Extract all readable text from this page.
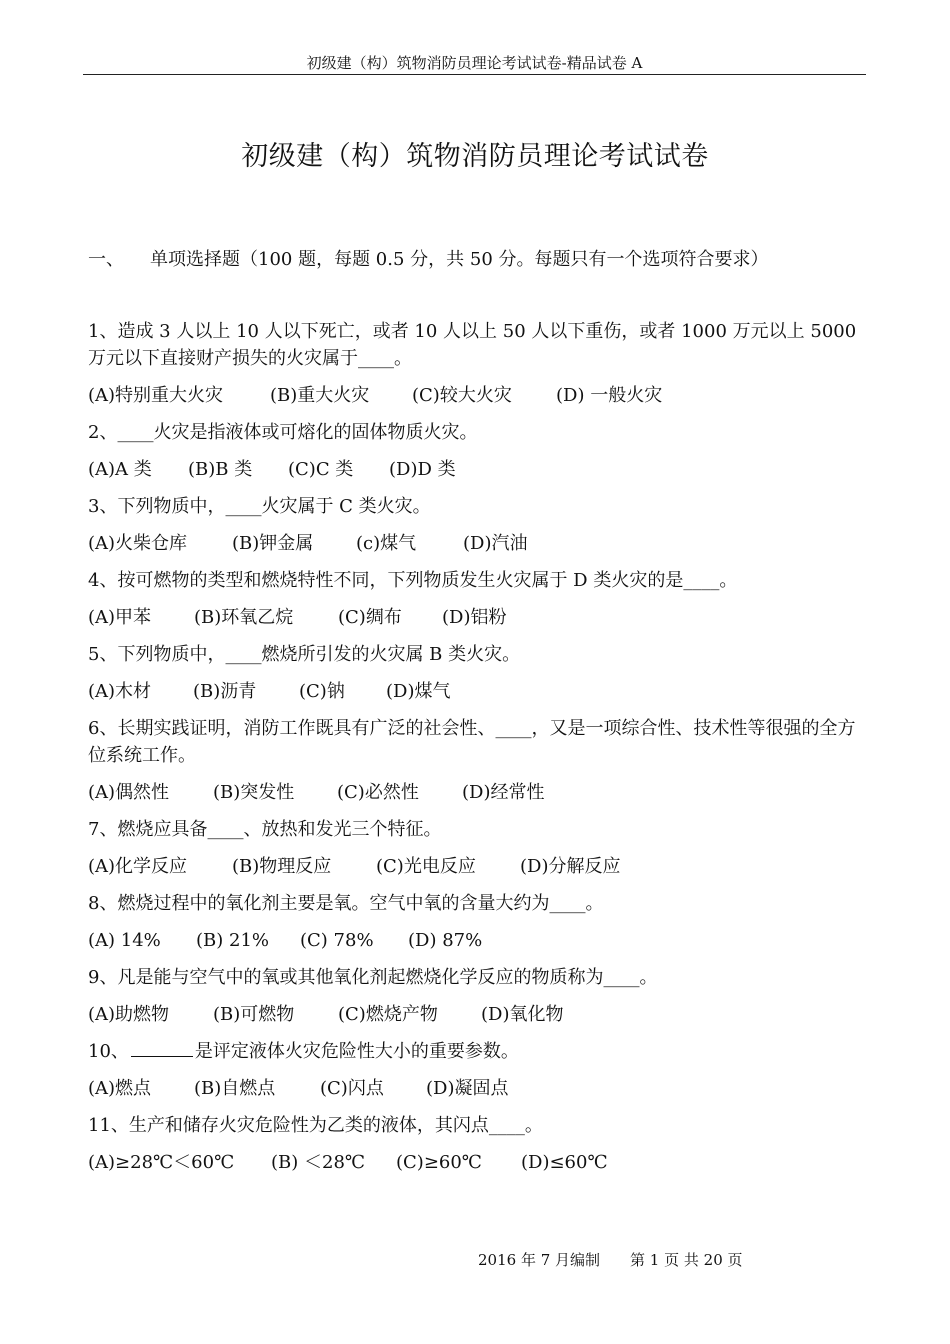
初级建（构）筑物消防员理论考试试卷-精品试卷 A
初级建（构）筑物消防员理论考试试卷
一、 单项选择题（100 题，每题 0.5 分，共 50 分。每题只有一个选项符合要求）
1、造成 3 人以上 10 人以下死亡，或者 10 人以上 50 人以下重伤，或者 1000 万元以上 5000 万元以下直接财产损失的火灾属于____。
(A)特别重大火灾	(B)重大火灾 (C)较大火灾 (D) 一般火灾
2、____火灾是指液体或可熔化的固体物质火灾。
(A)A 类 (B)B 类 (C)C 类 (D)D 类
3、下列物质中，____火灾属于 C 类火灾。
(A)火柴仓库 (B)钾金属 (c)煤气	(D)汽油
4、按可燃物的类型和燃烧特性不同，下列物质发生火灾属于 D 类火灾的是____。
(A)甲苯 (B)环氧乙烷 (C)绸布 (D)铝粉
5、下列物质中，____燃烧所引发的火灾属 B 类火灾。
(A)木材 (B)沥青 (C)钠 (D)煤气
6、长期实践证明，消防工作既具有广泛的社会性、____，又是一项综合性、技术性等很强的全方位系统工作。
(A)偶然性 (B)突发性 (C)必然性 (D)经常性
7、燃烧应具备____、放热和发光三个特征。
(A)化学反应 (B)物理反应 (C)光电反应 (D)分解反应
8、燃烧过程中的氧化剂主要是氧。空气中氧的含量大约为____。
(A) 14% (B) 21% (C) 78% (D) 87%
9、凡是能与空气中的氧或其他氧化剂起燃烧化学反应的物质称为____。
(A)助燃物 (B)可燃物 (C)燃烧产物 (D)氧化物
10、	是评定液体火灾危险性大小的重要参数。
(A)燃点 (B)自燃点 (C)闪点 (D)凝固点
11、生产和储存火灾危险性为乙类的液体，其闪点____。
(A)≥28℃＜60℃ (B) ＜28℃ (C)≥60℃ (D)≤60℃
2016 年 7 月编制 第 1 页 共 20 页
